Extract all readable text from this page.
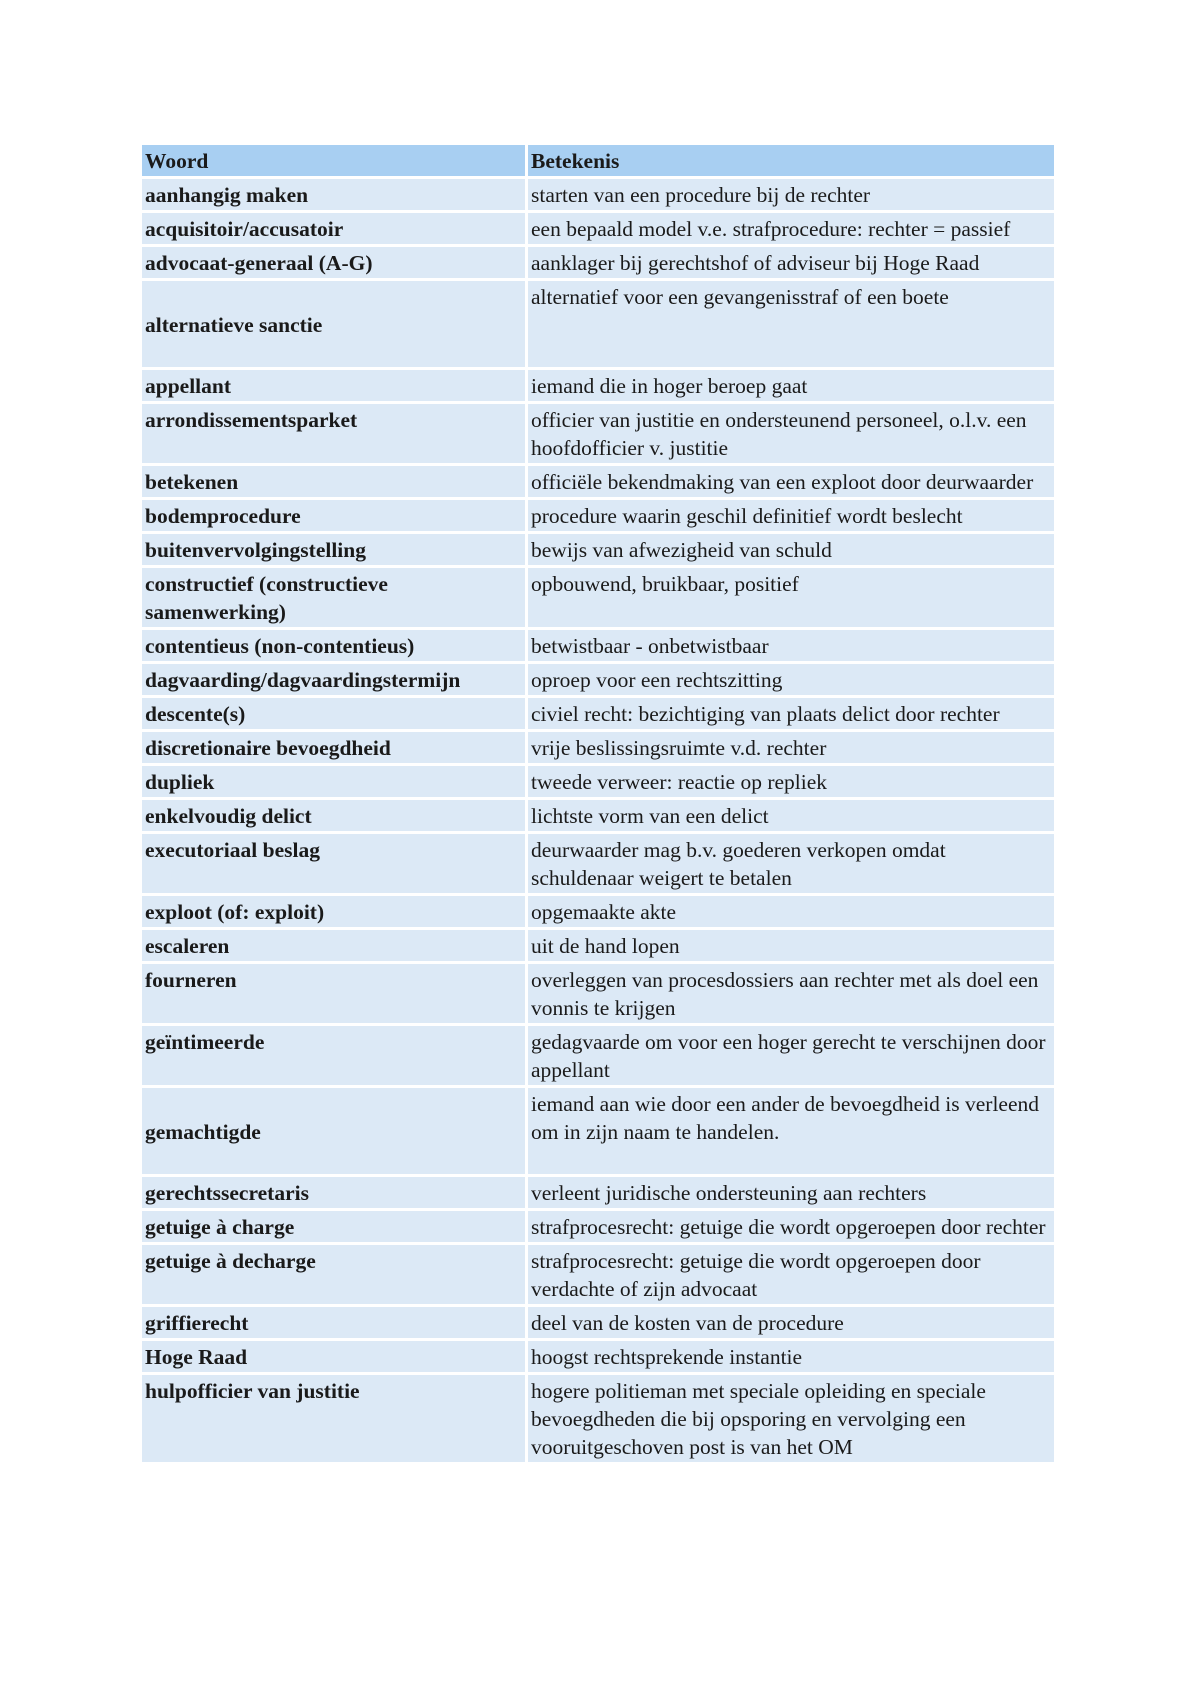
Woord	Betekenis
aanhangig maken	starten van een procedure bij de rechter
acquisitoir/accusatoir	een bepaald model v.e. strafprocedure: rechter = passief
advocaat-generaal (A-G)	aanklager bij gerechtshof of adviseur bij Hoge Raad
alternatieve sanctie	alternatief voor een gevangenisstraf of een boete
appellant	iemand die in hoger beroep gaat
arrondissementsparket	officier van justitie en ondersteunend personeel, o.l.v. een hoofdofficier v. justitie
betekenen	officiële bekendmaking van een exploot door deurwaarder
bodemprocedure	procedure waarin geschil definitief wordt beslecht
buitenvervolgingstelling	bewijs van afwezigheid van schuld
constructief (constructieve samenwerking)	opbouwend, bruikbaar, positief
contentieus (non-contentieus)	betwistbaar - onbetwistbaar
dagvaarding/dagvaardingstermijn	oproep voor een rechtszitting
descente(s)	civiel recht: bezichtiging van plaats delict door rechter
discretionaire bevoegdheid	vrije beslissingsruimte v.d. rechter
dupliek	tweede verweer: reactie op repliek
enkelvoudig delict	lichtste vorm van een delict
executoriaal beslag	deurwaarder mag b.v. goederen verkopen omdat schuldenaar weigert te betalen
exploot (of: exploit)	opgemaakte akte
escaleren	uit de hand lopen
fourneren	overleggen van procesdossiers aan rechter met als doel een vonnis te krijgen
geïntimeerde	gedagvaarde om voor een hoger gerecht te verschijnen door appellant
gemachtigde	iemand aan wie door een ander de bevoegdheid is verleend om in zijn naam te handelen.
gerechtssecretaris	verleent juridische ondersteuning aan rechters
getuige à charge	strafprocesrecht: getuige die wordt opgeroepen door rechter
getuige à decharge	strafprocesrecht: getuige die wordt opgeroepen door verdachte of zijn advocaat
griffierecht	deel van de kosten van de procedure
Hoge Raad	hoogst rechtsprekende instantie
hulpofficier van justitie	hogere politieman met speciale opleiding en speciale bevoegdheden die bij opsporing en vervolging een vooruitgeschoven post is van het OM
